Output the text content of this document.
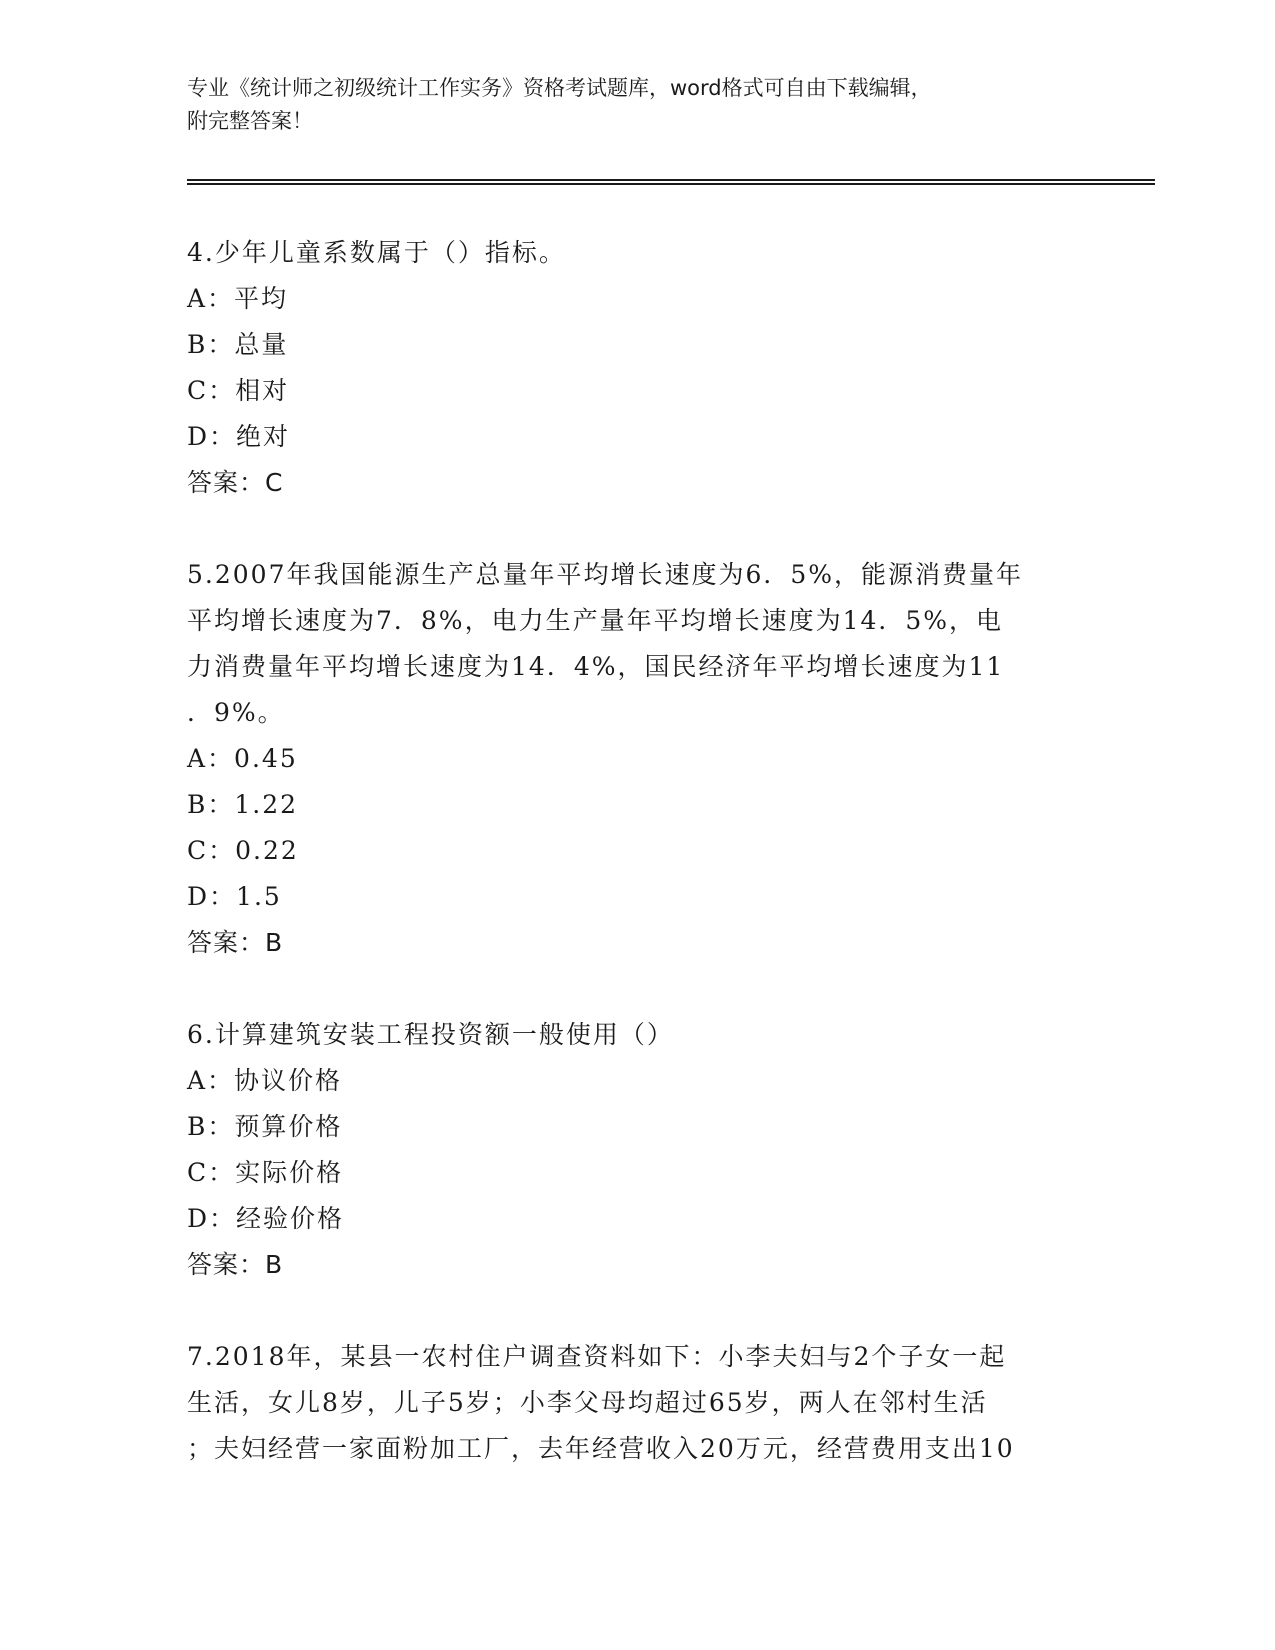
专业《统计师之初级统计工作实务》资格考试题库，word格式可自由下载编辑，
附完整答案！
4.少年儿童系数属于（）指标。
A：平均
B：总量
C：相对
D：绝对
答案：C
5.2007年我国能源生产总量年平均增长速度为6．5%，能源消费量年
平均增长速度为7．8%，电力生产量年平均增长速度为14．5%，电
力消费量年平均增长速度为14．4%，国民经济年平均增长速度为11
．9%。
A：0.45
B：1.22
C：0.22
D：1.5
答案：B
6.计算建筑安装工程投资额一般使用（）
A：协议价格
B：预算价格
C：实际价格
D：经验价格
答案：B
7.2018年，某县一农村住户调查资料如下：小李夫妇与2个子女一起
生活，女儿8岁，儿子5岁；小李父母均超过65岁，两人在邻村生活
；夫妇经营一家面粉加工厂，去年经营收入20万元，经营费用支出10
